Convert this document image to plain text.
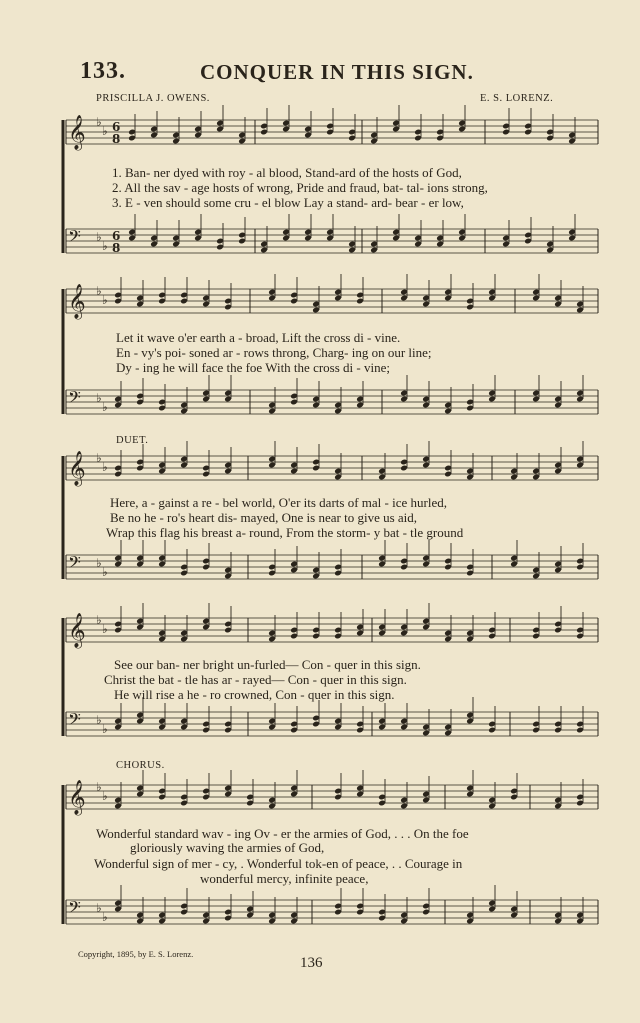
𝄞 ♭
♭ 6
8
𝄢 ♭
♭
6
8
𝄞 ♭
♭
𝄢 ♭
♭
𝄞 ♭
♭
𝄢 ♭
♭
𝄞 ♭
♭
𝄢 ♭
♭
𝄞 ♭
♭
𝄢 ♭
♭
133.	CONQUER IN THIS SIGN.
PRISCILLA J. OWENS.	E. S. LORENZ.
1. Ban- ner dyed with roy - al blood, Stand-ard of the hosts of God,
2. All the sav - age hosts of wrong, Pride and fraud, bat- tal- ions strong,
3. E - ven should some cru - el blow Lay a stand- ard- bear - er low,
Let it wave o'er earth a - broad, Lift the cross di - vine.
En - vy's poi- soned ar - rows throng, Charg- ing on our line;
Dy - ing he will face the foe With the cross di - vine;
DUET.
Here, a - gainst a re - bel world, O'er its darts of mal - ice hurled,
Be no he - ro's heart dis- mayed, One is near to give us aid,
Wrap this flag his breast a- round, From the storm- y bat - tle ground
See our ban- ner bright un-furled— Con - quer in this sign.
Christ the bat - tle has ar - rayed— Con - quer in this sign.
He will rise a he - ro crowned, Con - quer in this sign.
CHORUS.
Wonderful standard wav - ing Ov - er the armies of God, . . . On the foe
gloriously waving the armies of God,
Wonderful sign of mer - cy, . Wonderful tok-en of peace, . . Courage in
wonderful mercy, infinite peace,
Copyright, 1895, by E. S. Lorenz.
136
